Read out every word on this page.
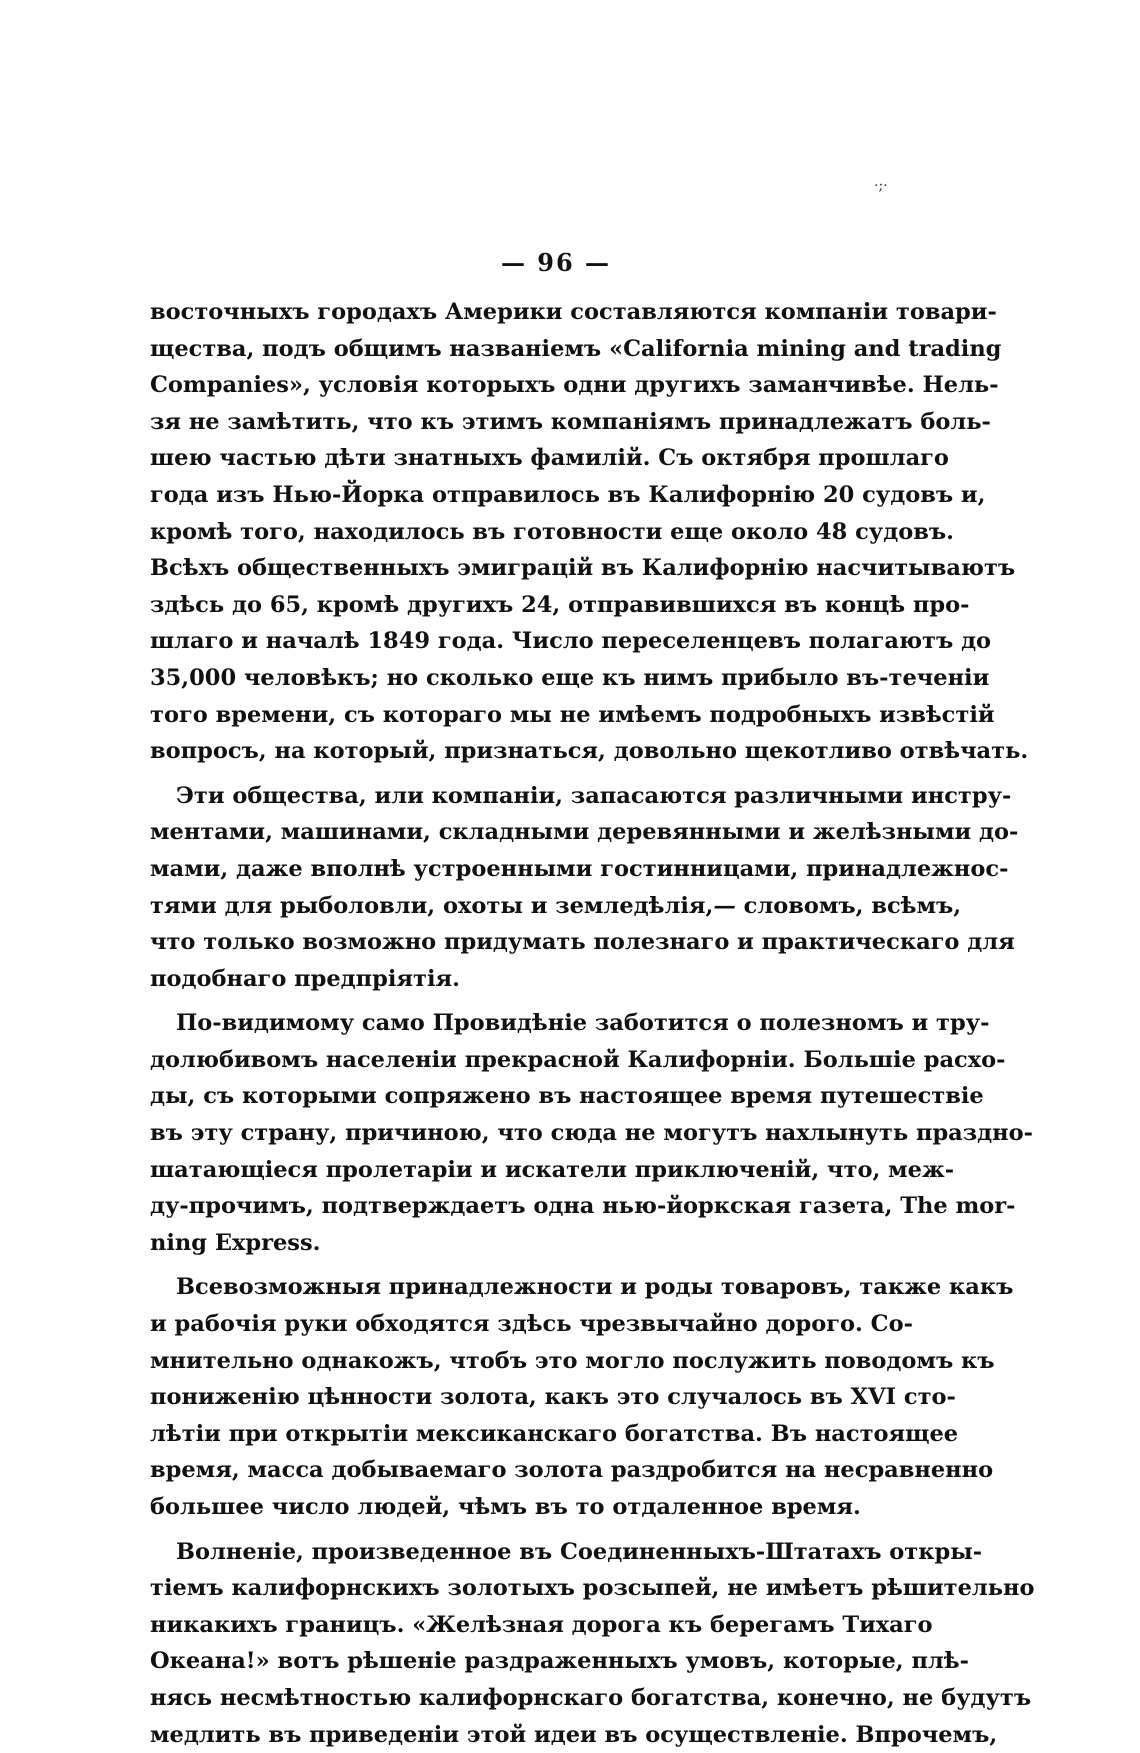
·;·
— 96 —
восточныхъ городахъ Америки составляются компаніи товари-
щества, подъ общимъ названіемъ «California mining and trading
Companies», условія которыхъ одни другихъ заманчивѣе. Нель-
зя не замѣтить, что къ этимъ компаніямъ принадлежатъ боль-
шею частью дѣти знатныхъ фамилій. Съ октября прошлаго
года изъ Нью-Йорка отправилось въ Калифорнію 20 судовъ и,
кромѣ того, находилось въ готовности еще около 48 судовъ.
Всѣхъ общественныхъ эмиграцій въ Калифорнію насчитываютъ
здѣсь до 65, кромѣ другихъ 24, отправившихся въ концѣ про-
шлаго и началѣ 1849 года. Число переселенцевъ полагаютъ до
35,000 человѣкъ; но сколько еще къ нимъ прибыло въ-теченіи
того времени, съ котораго мы не имѣемъ подробныхъ извѣстій
вопросъ, на который, признаться, довольно щекотливо отвѣчать.
Эти общества, или компаніи, запасаются различными инстру-
ментами, машинами, складными деревянными и желѣзными до-
мами, даже вполнѣ устроенными гостинницами, принадлежнос-
тями для рыболовли, охоты и земледѣлія,— словомъ, всѣмъ,
что только возможно придумать полезнаго и практическаго для
подобнаго предпріятія.
По-видимому само Провидѣніе заботится о полезномъ и тру-
долюбивомъ населеніи прекрасной Калифорніи. Большіе расхо-
ды, съ которыми сопряжено въ настоящее время путешествіе
въ эту страну, причиною, что сюда не могутъ нахлынуть праздно-
шатающіеся пролетаріи и искатели приключеній, что, меж-
ду-прочимъ, подтверждаетъ одна нью-йоркская газета, The mor-
ning Express.
Всевозможныя принадлежности и роды товаровъ, также какъ
и рабочія руки обходятся здѣсь чрезвычайно дорого. Со-
мнительно однакожъ, чтобъ это могло послужить поводомъ къ
пониженію цѣнности золота, какъ это случалось въ XVI сто-
лѣтіи при открытіи мексиканскаго богатства. Въ настоящее
время, масса добываемаго золота раздробится на несравненно
большее число людей, чѣмъ въ то отдаленное время.
Волненіе, произведенное въ Соединенныхъ-Штатахъ откры-
тіемъ калифорнскихъ золотыхъ розсыпей, не имѣетъ рѣшительно
никакихъ границъ. «Желѣзная дорога къ берегамъ Тихаго
Океана!» вотъ рѣшеніе раздраженныхъ умовъ, которые, плѣ-
нясь несмѣтностью калифорнскаго богатства, конечно, не будутъ
медлить въ приведеніи этой идеи въ осуществленіе. Впрочемъ,
